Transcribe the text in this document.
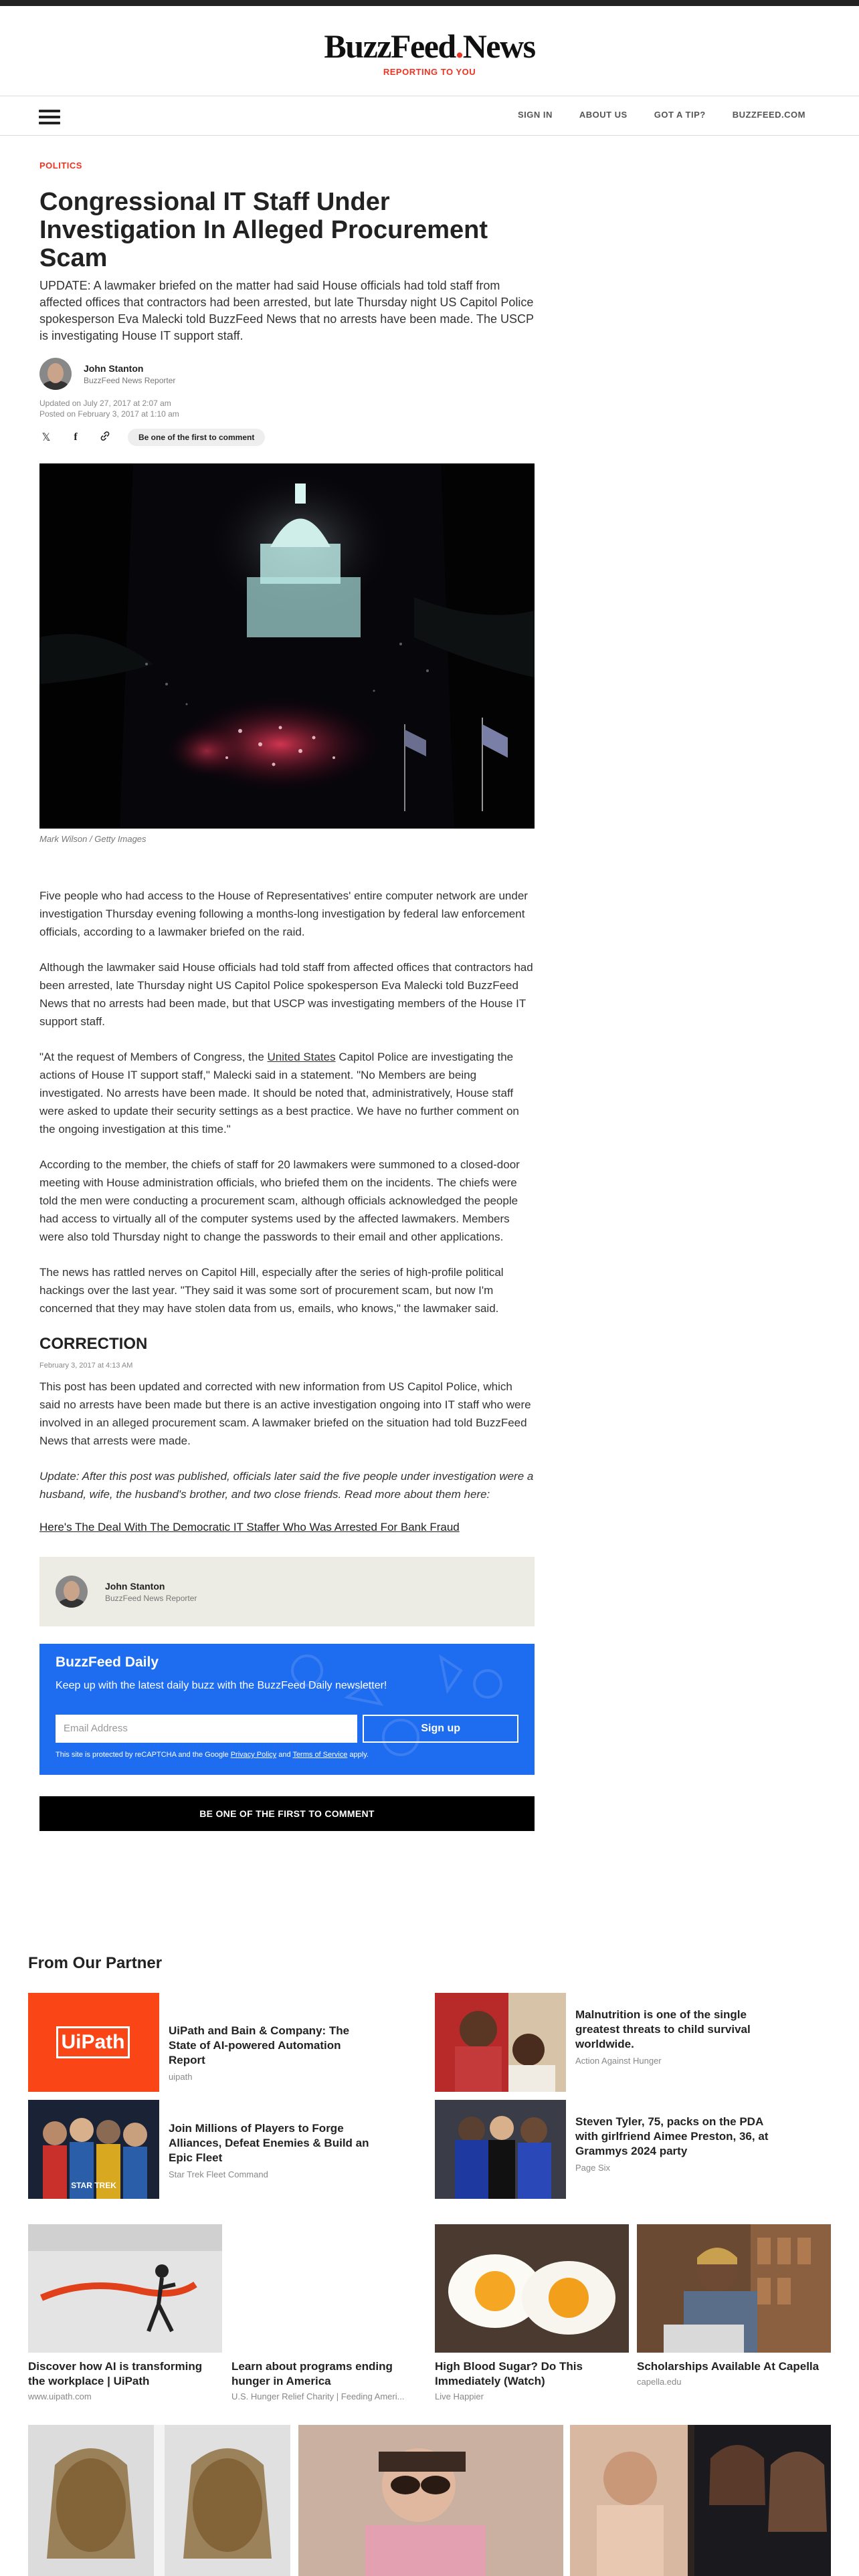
BuzzFeed.News
REPORTING TO YOU
SIGN IN	ABOUT US	GOT A TIP?	BUZZFEED.COM
POLITICS
Congressional IT Staff Under Investigation In Alleged Procurement Scam

UPDATE: A lawmaker briefed on the matter had said House officials had told staff from affected offices that contractors had been arrested, but late Thursday night US Capitol Police spokesperson Eva Malecki told BuzzFeed News that no arrests have been made. The USCP is investigating House IT support staff.

John Stanton
BuzzFeed News Reporter
Updated on July 27, 2017 at 2:07 am
Posted on February 3, 2017 at 1:10 am
𝕏	f	Be one of the first to comment
Mark Wilson / Getty Images

Five people who had access to the House of Representatives' entire computer network are under investigation Thursday evening following a months-long investigation by federal law enforcement officials, according to a lawmaker briefed on the raid.

Although the lawmaker said House officials had told staff from affected offices that contractors had been arrested, late Thursday night US Capitol Police spokesperson Eva Malecki told BuzzFeed News that no arrests had been made, but that USCP was investigating members of the House IT support staff.

"At the request of Members of Congress, the United States Capitol Police are investigating the actions of House IT support staff," Malecki said in a statement. "No Members are being investigated. No arrests have been made. It should be noted that, administratively, House staff were asked to update their security settings as a best practice. We have no further comment on the ongoing investigation at this time."

According to the member, the chiefs of staff for 20 lawmakers were summoned to a closed-door meeting with House administration officials, who briefed them on the incidents. The chiefs were told the men were conducting a procurement scam, although officials acknowledged the people had access to virtually all of the computer systems used by the affected lawmakers. Members were also told Thursday night to change the passwords to their email and other applications.

The news has rattled nerves on Capitol Hill, especially after the series of high-profile political hackings over the last year. "They said it was some sort of procurement scam, but now I'm concerned that they may have stolen data from us, emails, who knows," the lawmaker said.

CORRECTION
February 3, 2017 at 4:13 AM

This post has been updated and corrected with new information from US Capitol Police, which said no arrests have been made but there is an active investigation ongoing into IT staff who were involved in an alleged procurement scam. A lawmaker briefed on the situation had told BuzzFeed News that arrests were made.

Update: After this post was published, officials later said the five people under investigation were a husband, wife, the husband's brother, and two close friends. Read more about them here:

Here's The Deal With The Democratic IT Staffer Who Was Arrested For Bank Fraud
John Stanton
BuzzFeed News Reporter
BuzzFeed Daily
Keep up with the latest daily buzz with the BuzzFeed Daily newsletter!
Email Address	Sign up
This site is protected by reCAPTCHA and the Google Privacy Policy and Terms of Service apply.
BE ONE OF THE FIRST TO COMMENT
From Our Partner
UiPath
UiPath and Bain & Company: The State of AI-powered Automation Report
uipath
Malnutrition is one of the single greatest threats to child survival worldwide.
Action Against Hunger
STAR TREK
Join Millions of Players to Forge Alliances, Defeat Enemies & Build an Epic Fleet
Star Trek Fleet Command
Steven Tyler, 75, packs on the PDA with girlfriend Aimee Preston, 36, at Grammys 2024 party
Page Six
Discover how AI is transforming the workplace | UiPath
www.uipath.com
Learn about programs ending hunger in America
U.S. Hunger Relief Charity | Feeding Ameri...
High Blood Sugar? Do This Immediately (Watch)
Live Happier
Scholarships Available At Capella
capella.edu
